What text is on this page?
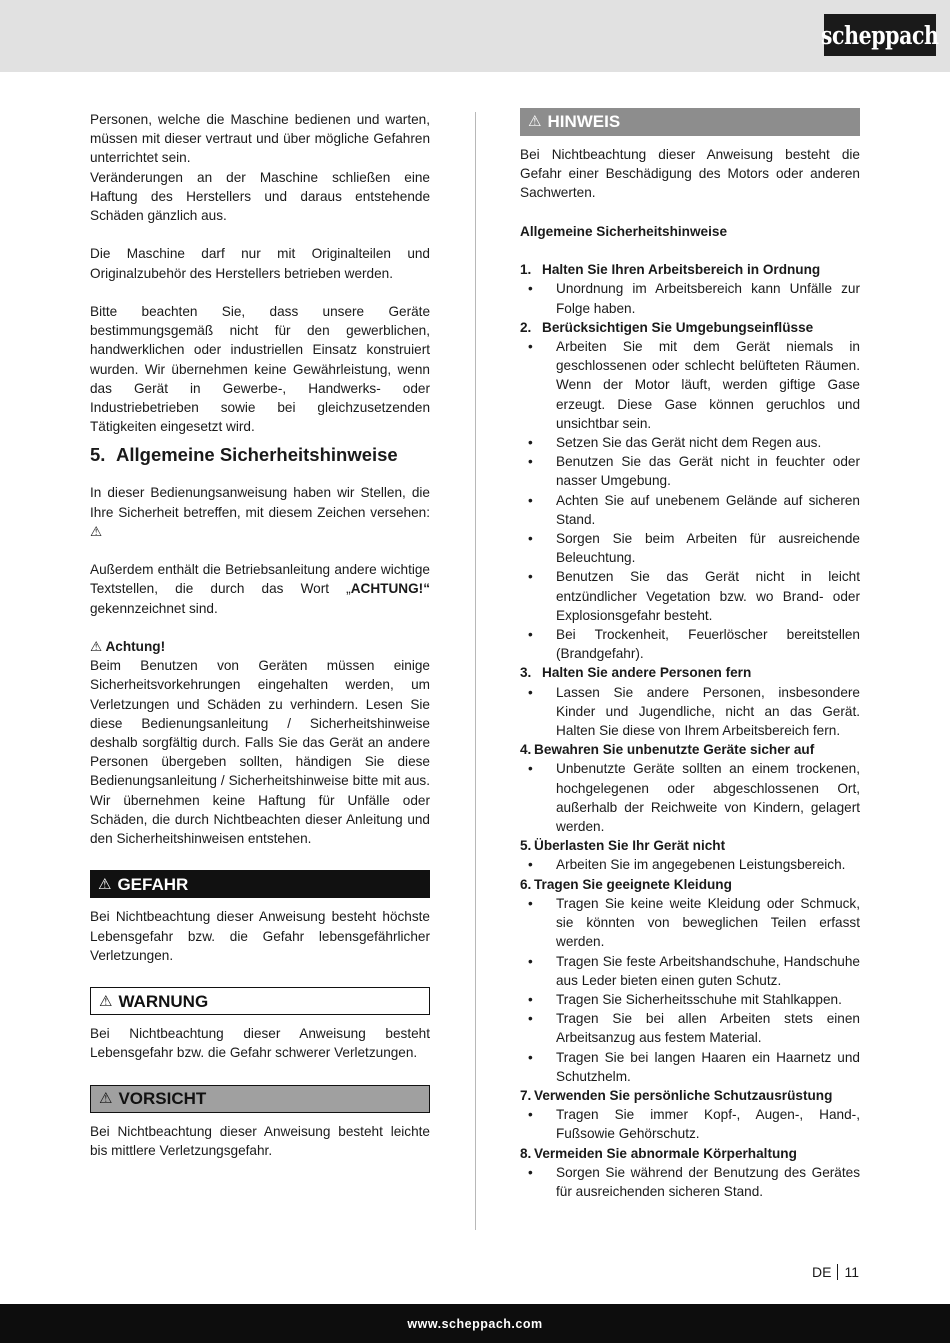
scheppach
Personen, welche die Maschine bedienen und warten, müssen mit dieser vertraut und über mögliche Gefahren unterrichtet sein.
Veränderungen an der Maschine schließen eine Haftung des Herstellers und daraus entstehende Schäden gänzlich aus.
Die Maschine darf nur mit Originalteilen und Originalzubehör des Herstellers betrieben werden.
Bitte beachten Sie, dass unsere Geräte bestimmungsgemäß nicht für den gewerblichen, handwerklichen oder industriellen Einsatz konstruiert wurden. Wir übernehmen keine Gewährleistung, wenn das Gerät in Gewerbe-, Handwerks- oder Industriebetrieben sowie bei gleichzusetzenden Tätigkeiten eingesetzt wird.
5. Allgemeine Sicherheitshinweise
In dieser Bedienungsanweisung haben wir Stellen, die Ihre Sicherheit betreffen, mit diesem Zeichen versehen: ⚠
Außerdem enthält die Betriebsanleitung andere wichtige Textstellen, die durch das Wort „ACHTUNG!“ gekennzeichnet sind.
⚠ Achtung!
Beim Benutzen von Geräten müssen einige Sicherheitsvorkehrungen eingehalten werden, um Verletzungen und Schäden zu verhindern. Lesen Sie diese Bedienungsanleitung / Sicherheitshinweise deshalb sorgfältig durch. Falls Sie das Gerät an andere Personen übergeben sollten, händigen Sie diese Bedienungsanleitung / Sicherheitshinweise bitte mit aus. Wir übernehmen keine Haftung für Unfälle oder Schäden, die durch Nichtbeachten dieser Anleitung und den Sicherheitshinweisen entstehen.
⚠ GEFAHR
Bei Nichtbeachtung dieser Anweisung besteht höchste Lebensgefahr bzw. die Gefahr lebensgefährlicher Verletzungen.
⚠ WARNUNG
Bei Nichtbeachtung dieser Anweisung besteht Lebensgefahr bzw. die Gefahr schwerer Verletzungen.
⚠ VORSICHT
Bei Nichtbeachtung dieser Anweisung besteht leichte bis mittlere Verletzungsgefahr.
⚠ HINWEIS
Bei Nichtbeachtung dieser Anweisung besteht die Gefahr einer Beschädigung des Motors oder anderen Sachwerten.
Allgemeine Sicherheitshinweise
1. Halten Sie Ihren Arbeitsbereich in Ordnung
•	Unordnung im Arbeitsbereich kann Unfälle zur Folge haben.
2. Berücksichtigen Sie Umgebungseinflüsse
•	Arbeiten Sie mit dem Gerät niemals in geschlossenen oder schlecht belüfteten Räumen. Wenn der Motor läuft, werden giftige Gase erzeugt. Diese Gase können geruchlos und unsichtbar sein.
•	Setzen Sie das Gerät nicht dem Regen aus.
•	Benutzen Sie das Gerät nicht in feuchter oder nasser Umgebung.
•	Achten Sie auf unebenem Gelände auf sicheren Stand.
•	Sorgen Sie beim Arbeiten für ausreichende Beleuchtung.
•	Benutzen Sie das Gerät nicht in leicht entzündlicher Vegetation bzw. wo Brand- oder Explosionsgefahr besteht.
•	Bei Trockenheit, Feuerlöscher bereitstellen (Brandgefahr).
3. Halten Sie andere Personen fern
•	Lassen Sie andere Personen, insbesondere Kinder und Jugendliche, nicht an das Gerät. Halten Sie diese von Ihrem Arbeitsbereich fern.
4. Bewahren Sie unbenutzte Geräte sicher auf
•	Unbenutzte Geräte sollten an einem trockenen, hochgelegenen oder abgeschlossenen Ort, außerhalb der Reichweite von Kindern, gelagert werden.
5. Überlasten Sie Ihr Gerät nicht
•	Arbeiten Sie im angegebenen Leistungsbereich.
6. Tragen Sie geeignete Kleidung
•	Tragen Sie keine weite Kleidung oder Schmuck, sie könnten von beweglichen Teilen erfasst werden.
•	Tragen Sie feste Arbeitshandschuhe, Handschuhe aus Leder bieten einen guten Schutz.
•	Tragen Sie Sicherheitsschuhe mit Stahlkappen.
•	Tragen Sie bei allen Arbeiten stets einen Arbeitsanzug aus festem Material.
•	Tragen Sie bei langen Haaren ein Haarnetz und Schutzhelm.
7. Verwenden Sie persönliche Schutzausrüstung
•	Tragen Sie immer Kopf-, Augen-, Hand-, Fußsowie Gehörschutz.
8. Vermeiden Sie abnormale Körperhaltung
•	Sorgen Sie während der Benutzung des Gerätes für ausreichenden sicheren Stand.
DE 11
www.scheppach.com
